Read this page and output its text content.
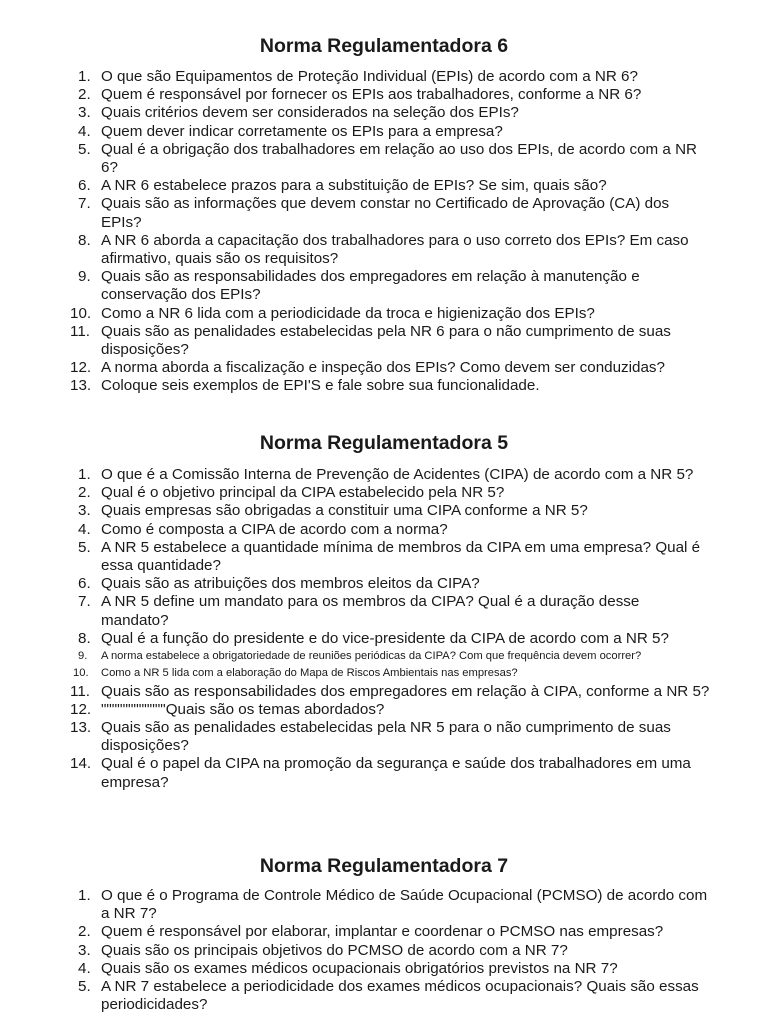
Norma Regulamentadora 6
1. O que são Equipamentos de Proteção Individual (EPIs) de acordo com a NR 6?
2. Quem é responsável por fornecer os EPIs aos trabalhadores, conforme a NR 6?
3. Quais critérios devem ser considerados na seleção dos EPIs?
4. Quem dever indicar corretamente os EPIs para a empresa?
5. Qual é a obrigação dos trabalhadores em relação ao uso dos EPIs, de acordo com a NR 6?
6. A NR 6 estabelece prazos para a substituição de EPIs? Se sim, quais são?
7. Quais são as informações que devem constar no Certificado de Aprovação (CA) dos EPIs?
8. A NR 6 aborda a capacitação dos trabalhadores para o uso correto dos EPIs? Em caso afirmativo, quais são os requisitos?
9. Quais são as responsabilidades dos empregadores em relação à manutenção e conservação dos EPIs?
10. Como a NR 6 lida com a periodicidade da troca e higienização dos EPIs?
11. Quais são as penalidades estabelecidas pela NR 6 para o não cumprimento de suas disposições?
12. A norma aborda a fiscalização e inspeção dos EPIs? Como devem ser conduzidas?
13. Coloque seis exemplos de EPI'S e fale sobre sua funcionalidade.
Norma Regulamentadora 5
1. O que é a Comissão Interna de Prevenção de Acidentes (CIPA) de acordo com a NR 5?
2. Qual é o objetivo principal da CIPA estabelecido pela NR 5?
3. Quais empresas são obrigadas a constituir uma CIPA conforme a NR 5?
4. Como é composta a CIPA de acordo com a norma?
5. A NR 5 estabelece a quantidade mínima de membros da CIPA em uma empresa? Qual é essa quantidade?
6. Quais são as atribuições dos membros eleitos da CIPA?
7. A NR 5 define um mandato para os membros da CIPA? Qual é a duração desse mandato?
8. Qual é a função do presidente e do vice-presidente da CIPA de acordo com a NR 5?
9. A norma estabelece a obrigatoriedade de reuniões periódicas da CIPA? Com que frequência devem ocorrer?
10. Como a NR 5 lida com a elaboração do Mapa de Riscos Ambientais nas empresas?
11. Quais são as responsabilidades dos empregadores em relação à CIPA, conforme a NR 5?
12. """"""""""""Quais são os temas abordados?
13. Quais são as penalidades estabelecidas pela NR 5 para o não cumprimento de suas disposições?
14. Qual é o papel da CIPA na promoção da segurança e saúde dos trabalhadores em uma empresa?
Norma Regulamentadora 7
1. O que é o Programa de Controle Médico de Saúde Ocupacional (PCMSO) de acordo com a NR 7?
2. Quem é responsável por elaborar, implantar e coordenar o PCMSO nas empresas?
3. Quais são os principais objetivos do PCMSO de acordo com a NR 7?
4. Quais são os exames médicos ocupacionais obrigatórios previstos na NR 7?
5. A NR 7 estabelece a periodicidade dos exames médicos ocupacionais? Quais são essas periodicidades?
